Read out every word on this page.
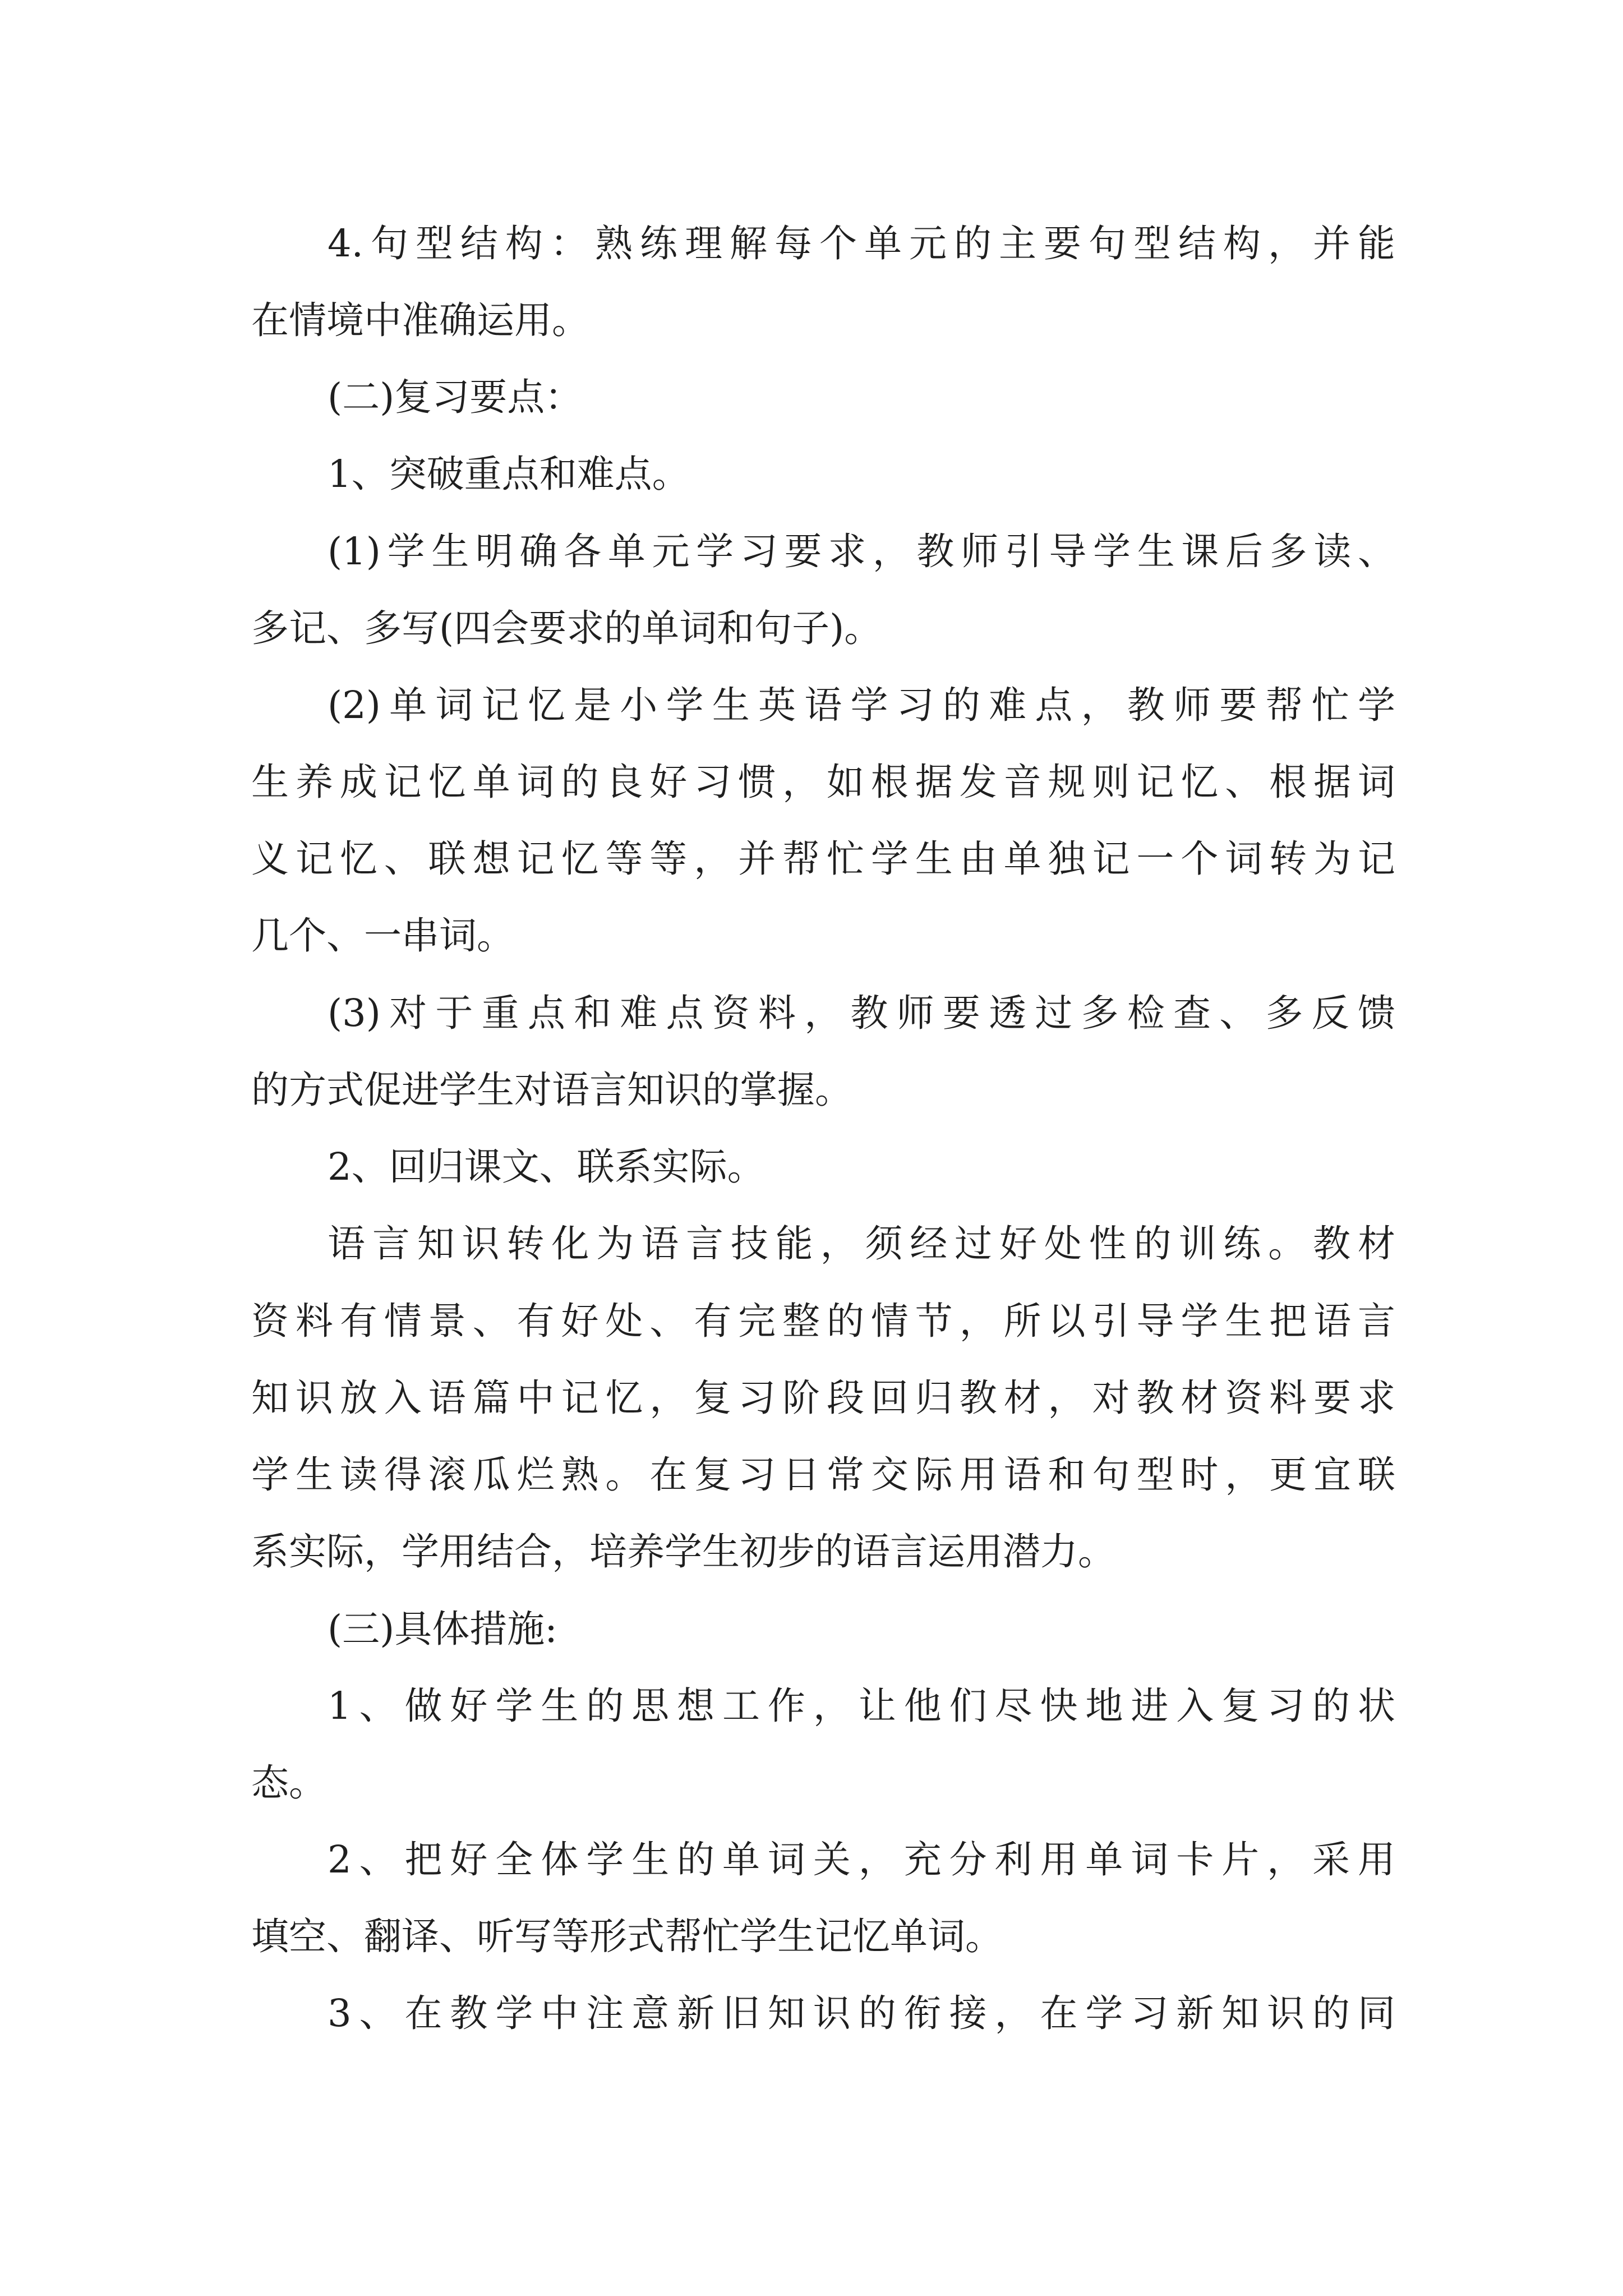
4.句型结构：熟练理解每个单元的主要句型结构，并能
在情境中准确运用。
(二)复习要点：
1、突破重点和难点。
(1)学生明确各单元学习要求，教师引导学生课后多读、
多记、多写(四会要求的单词和句子)。
(2)单词记忆是小学生英语学习的难点，教师要帮忙学
生养成记忆单词的良好习惯，如根据发音规则记忆、根据词
义记忆、联想记忆等等，并帮忙学生由单独记一个词转为记
几个、一串词。
(3)对于重点和难点资料，教师要透过多检查、多反馈
的方式促进学生对语言知识的掌握。
2、回归课文、联系实际。
语言知识转化为语言技能，须经过好处性的训练。教材
资料有情景、有好处、有完整的情节，所以引导学生把语言
知识放入语篇中记忆，复习阶段回归教材，对教材资料要求
学生读得滚瓜烂熟。在复习日常交际用语和句型时，更宜联
系实际，学用结合，培养学生初步的语言运用潜力。
(三)具体措施:
1、做好学生的思想工作，让他们尽快地进入复习的状
态。
2、把好全体学生的单词关，充分利用单词卡片，采用
填空、翻译、听写等形式帮忙学生记忆单词。
3、在教学中注意新旧知识的衔接，在学习新知识的同
